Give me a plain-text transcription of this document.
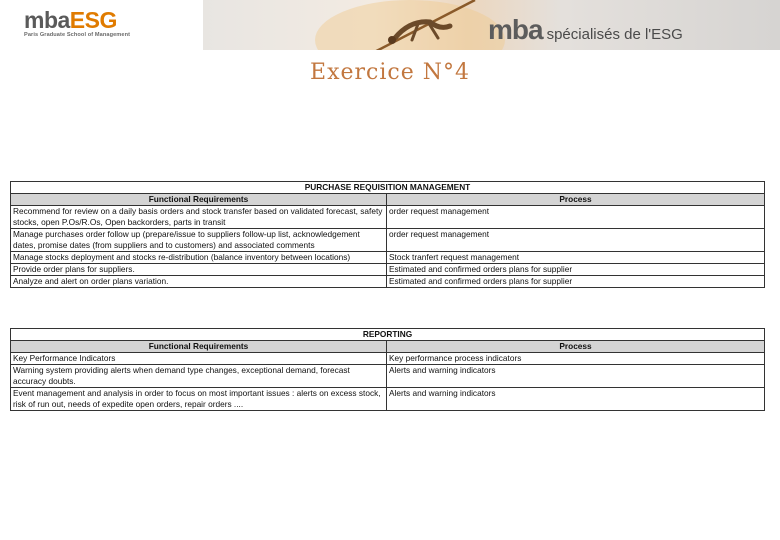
mbaESG
Paris Graduate School of Management	mba spécialisés de l'ESG
Exercice N°4
PURCHASE REQUISITION MANAGEMENT	
Functional Requirements	Process
Recommend for review on a daily basis orders and stock transfer based on validated forecast, safety stocks, open P.Os/R.Os, Open backorders, parts in transit	order request management
Manage purchases order follow up (prepare/issue to suppliers follow-up list, acknowledgement dates, promise dates (from suppliers and to customers) and associated comments	order request management
Manage stocks deployment and stocks re-distribution (balance inventory between locations)	Stock tranfert request management
Provide order plans for suppliers.	Estimated and confirmed orders plans for supplier
Analyze and alert on order plans variation.	Estimated and confirmed orders plans for supplier
REPORTING	
Functional Requirements	Process
Key Performance Indicators	Key performance process indicators
Warning system providing alerts when demand type changes, exceptional demand, forecast accuracy doubts.	Alerts and warning indicators
Event management and analysis in order to focus on most important issues : alerts on excess stock, risk of run out, needs of expedite open orders, repair orders ....	Alerts and warning indicators
